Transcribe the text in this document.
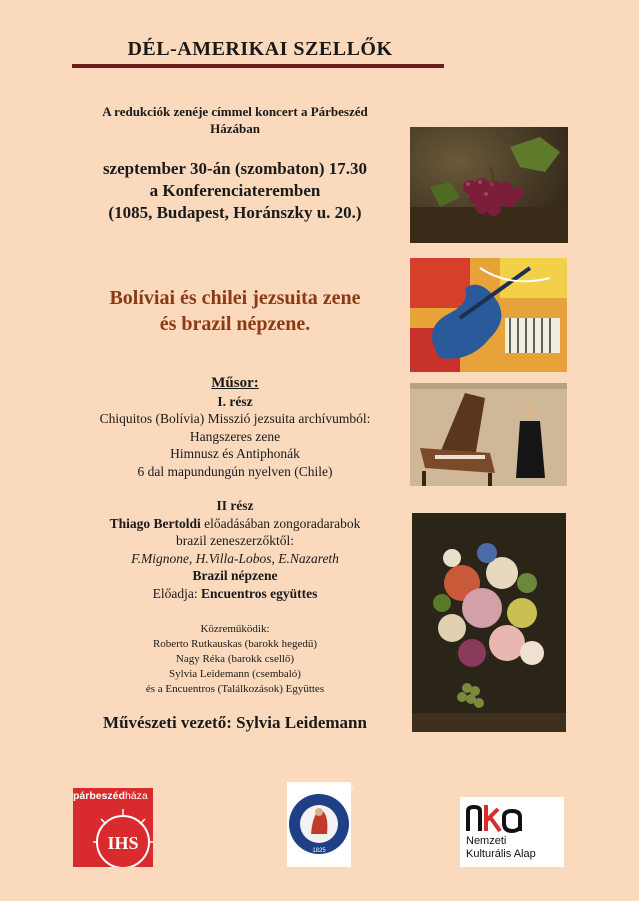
DÉL-AMERIKAI SZELLŐK
A redukciók zenéje címmel koncert a Párbeszéd
Házában
szeptember 30-án (szombaton) 17.30
a Konferenciateremben
(1085, Budapest, Horánszky u. 20.)
Bolíviai és chilei jezsuita zene
és brazil népzene.
Műsor:
I. rész
Chiquitos (Bolívia) Misszió jezsuita archívumból:
Hangszeres zene
Himnusz és Antiphonák
6 dal mapundungún nyelven (Chile)
II rész
Thiago Bertoldi előadásában zongoradarabok
brazil zeneszerzőktől:
F.Mignone, H.Villa-Lobos, E.Nazareth
Brazil népzene
Előadja: Encuentros együttes
Közreműködik:
Roberto Rutkauskas (barokk hegedű)
Nagy Réka (barokk csellő)
Sylvia Leidemann (csembaló)
és a Encuentros (Találkozások) Együttes
Művészeti vezető: Sylvia Leidemann
párbeszédháza
IHS
MAGYAR TUDOMÁNYOS AKADÉMIA
1825
Nemzeti
Kulturális Alap
